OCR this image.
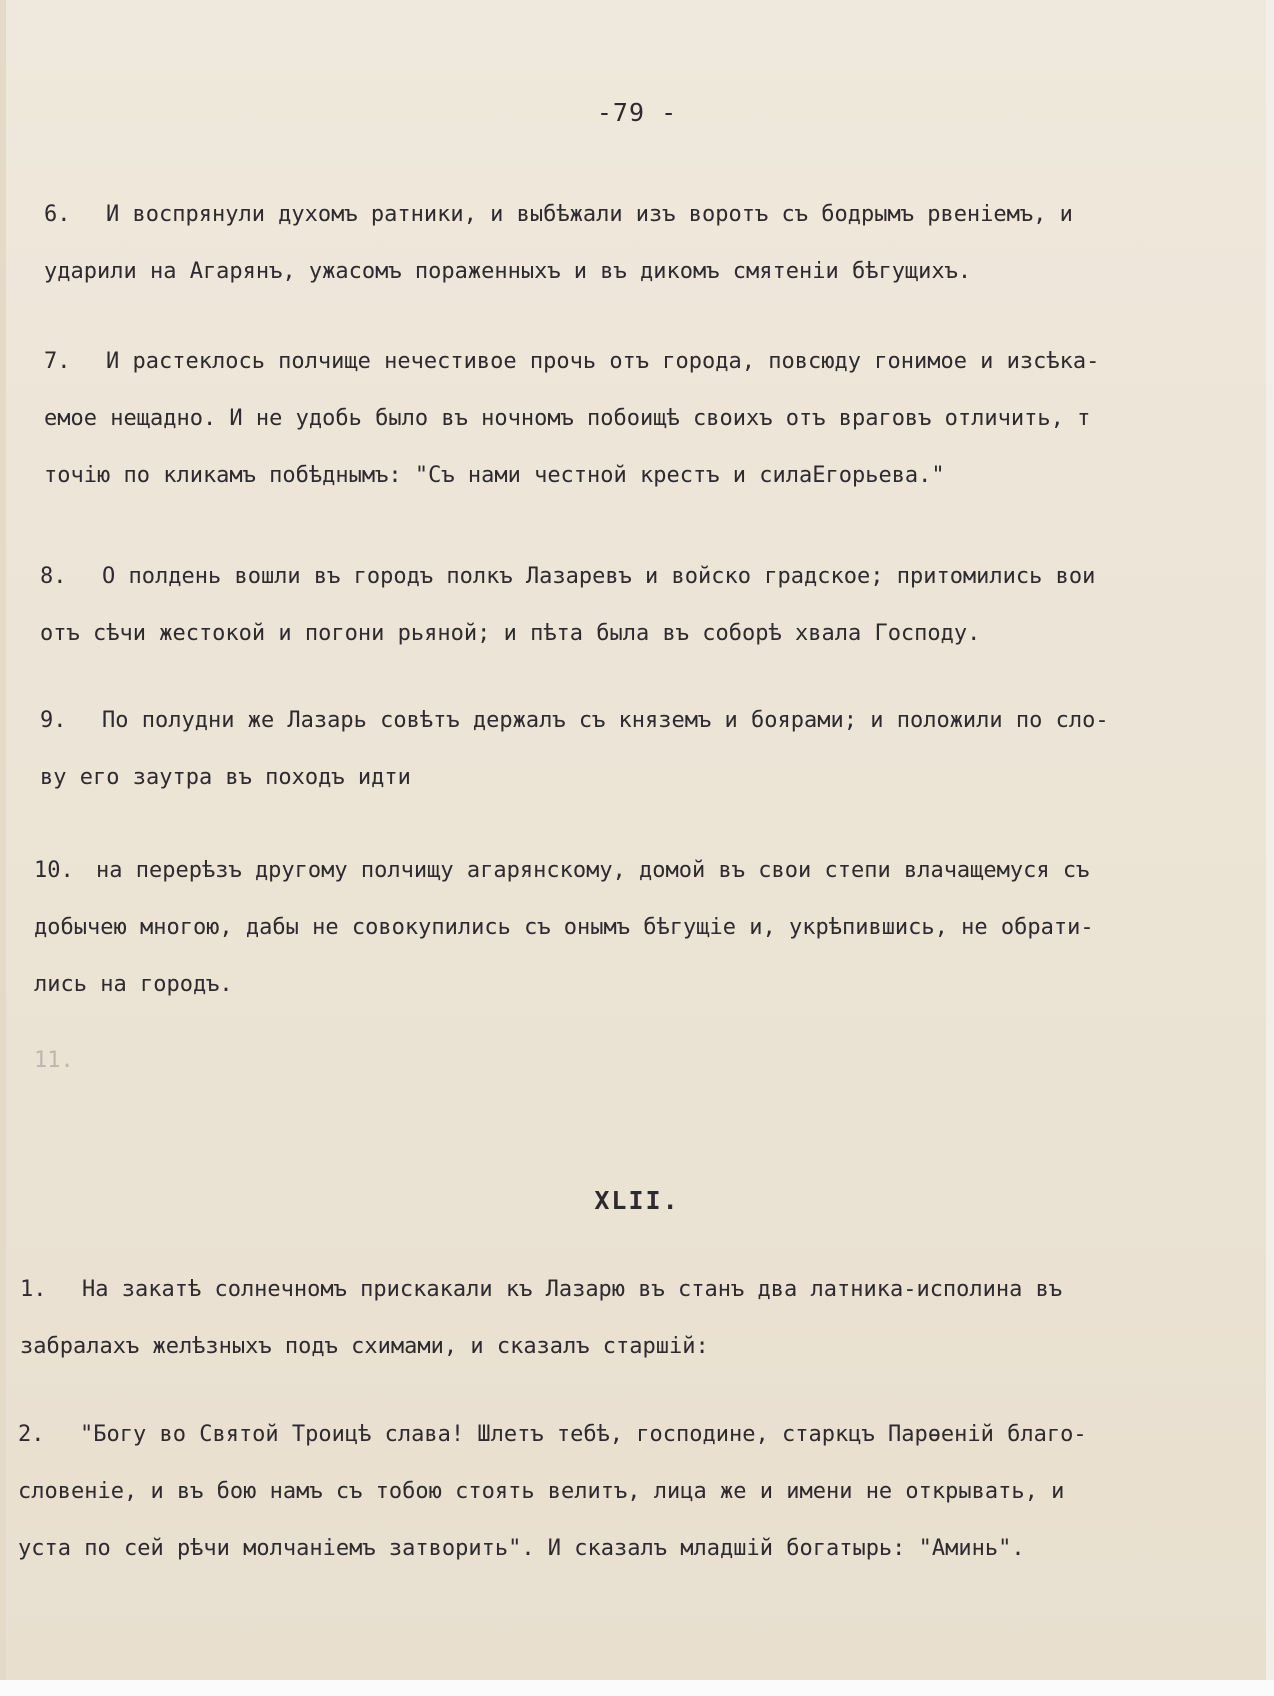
-79 -
6. И воспрянули духомъ ратники, и выбѣжали изъ воротъ съ бодрымъ рвенiемъ, и
ударили на Агарянъ, ужасомъ пораженныхъ и въ дикомъ смятенiи бѣгущихъ.
7. И растеклось полчище нечестивое прочь отъ города, повсюду гонимое и изсѣка-
емое нещадно. И не удобь было въ ночномъ побоищѣ своихъ отъ враговъ отличить, т
точiю по кликамъ побѣднымъ: "Съ нами честной крестъ и силаЕгорьева."
8. О полдень вошли въ городъ полкъ Лазаревъ и войско градское; притомились вои
отъ сѣчи жестокой и погони рьяной; и пѣта была въ соборѣ хвала Господу.
9. По полудни же Лазарь совѣтъ держалъ съ княземъ и боярами; и положили по сло-
ву его заутра въ походъ идти
10. на перерѣзъ другому полчищу агарянскому, домой въ свои степи влачащемуся съ
добычею многою, дабы не совокупились съ онымъ бѣгущiе и, укрѣпившись, не обрати-
лись на городъ.
11.
XLII.
1. На закатѣ солнечномъ прискакали къ Лазарю въ станъ два латника-исполина въ
забралахъ желѣзныхъ подъ схимами, и сказалъ старшiй:
2. "Богу во Святой Троицѣ слава! Шлетъ тебѣ, господине, старкцъ Парѳенiй благо-
словенiе, и въ бою намъ съ тобою стоять велитъ, лица же и имени не открывать, и
уста по сей рѣчи молчанiемъ затворить". И сказалъ младшiй богатырь: "Аминь".
